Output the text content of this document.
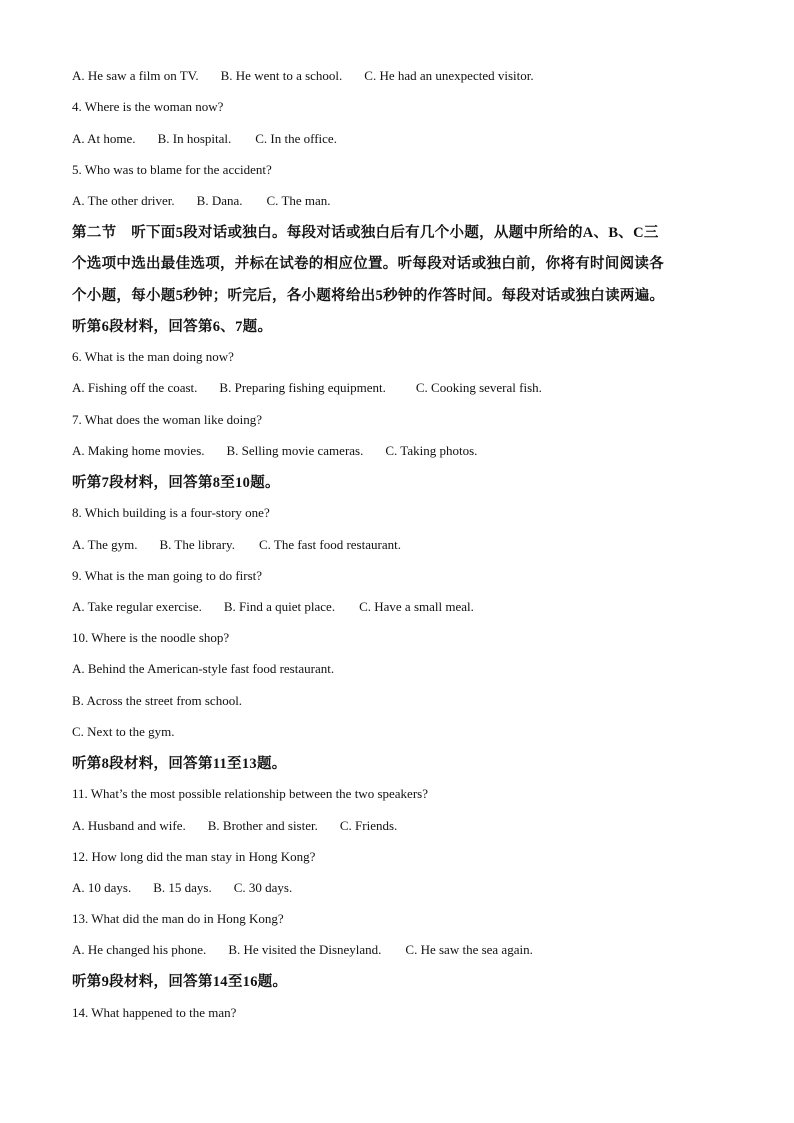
A. He saw a film on TV. B. He went to a school. C. He had an unexpected visitor.
4. Where is the woman now?
A. At home. B. In hospital. C. In the office.
5. Who was to blame for the accident?
A. The other driver. B. Dana. C. The man.
第二节　听下面5段对话或独白。每段对话或独白后有几个小题，从题中所给的A、B、C三
个选项中选出最佳选项，并标在试卷的相应位置。听每段对话或独白前，你将有时间阅读各
个小题，每小题5秒钟；听完后，各小题将给出5秒钟的作答时间。每段对话或独白读两遍。
听第6段材料，回答第6、7题。
6. What is the man doing now?
A. Fishing off the coast. B. Preparing fishing equipment. C. Cooking several fish.
7. What does the woman like doing?
A. Making home movies. B. Selling movie cameras. C. Taking photos.
听第7段材料，回答第8至10题。
8. Which building is a four-story one?
A. The gym. B. The library. C. The fast food restaurant.
9. What is the man going to do first?
A. Take regular exercise. B. Find a quiet place. C. Have a small meal.
10. Where is the noodle shop?
A. Behind the American-style fast food restaurant.
B. Across the street from school.
C. Next to the gym.
听第8段材料，回答第11至13题。
11. What’s the most possible relationship between the two speakers?
A. Husband and wife. B. Brother and sister. C. Friends.
12. How long did the man stay in Hong Kong?
A. 10 days. B. 15 days. C. 30 days.
13. What did the man do in Hong Kong?
A. He changed his phone. B. He visited the Disneyland. C. He saw the sea again.
听第9段材料，回答第14至16题。
14. What happened to the man?
